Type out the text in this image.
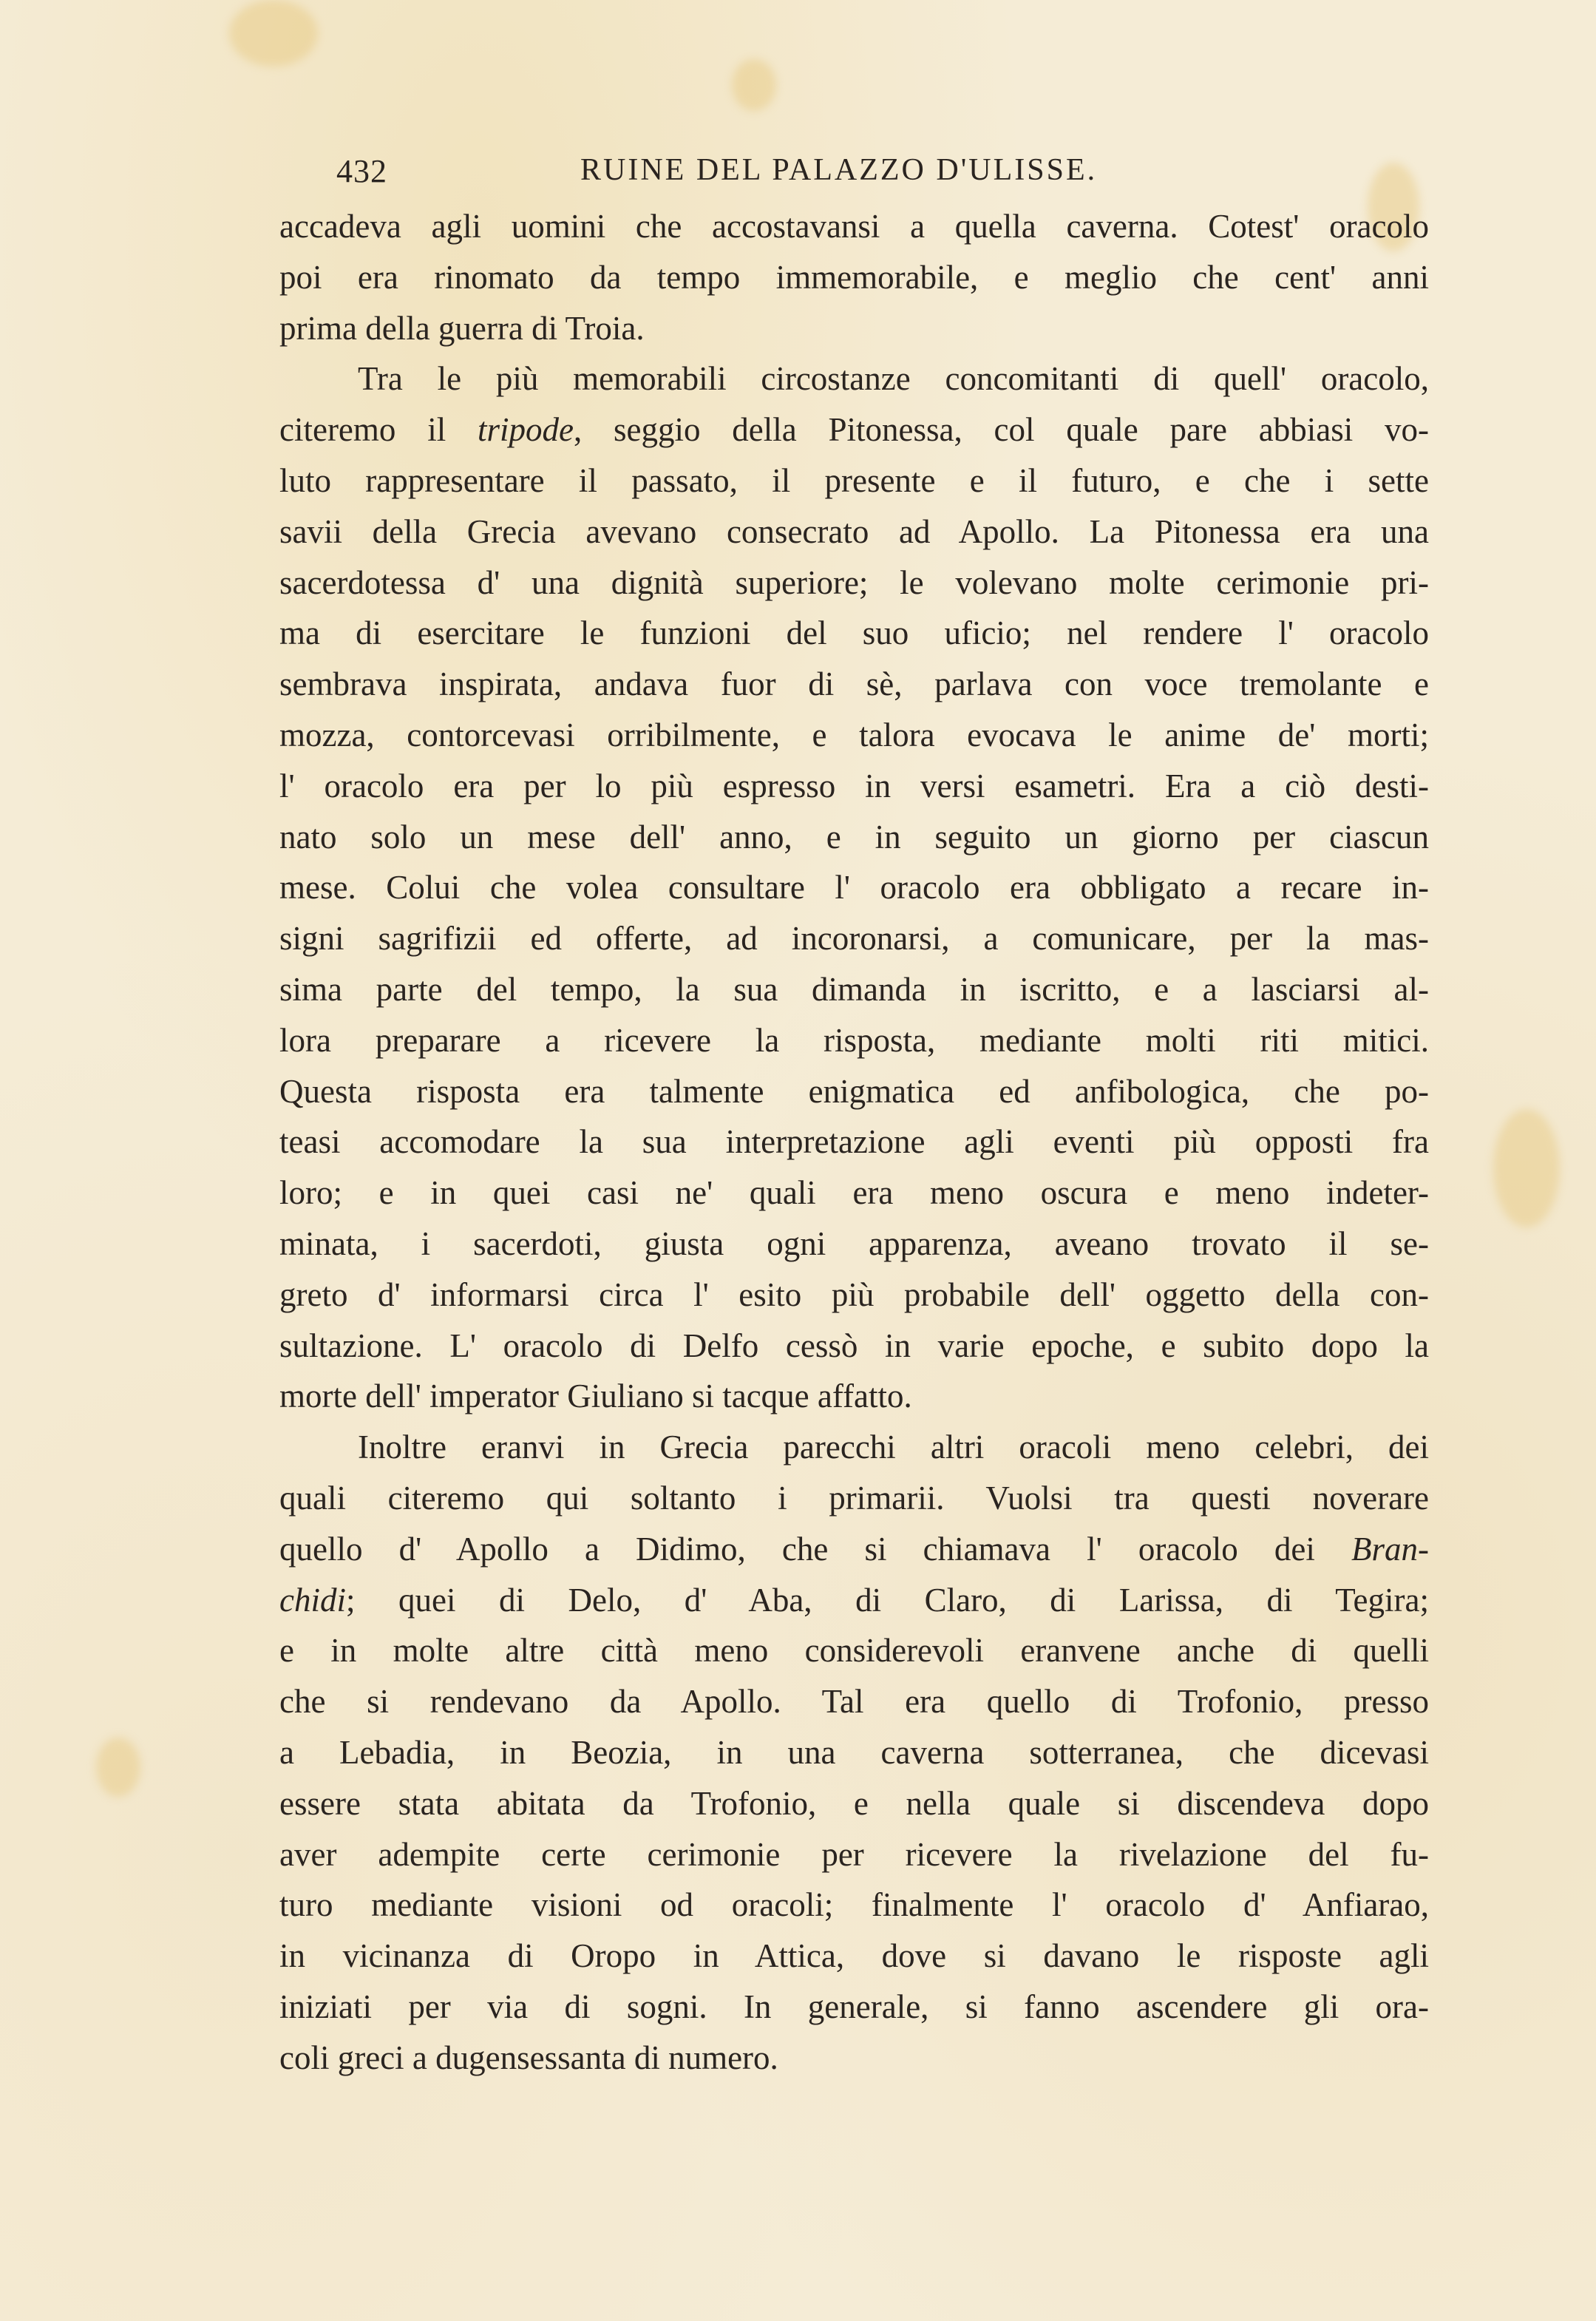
432	RUINE DEL PALAZZO D'ULISSE.
accadeva agli uomini che accostavansi a quella caverna. Cotest' oracolo
poi era rinomato da tempo immemorabile, e meglio che cent' anni
prima della guerra di Troia.
Tra le più memorabili circostanze concomitanti di quell' oracolo,
citeremo il tripode, seggio della Pitonessa, col quale pare abbiasi vo-
luto rappresentare il passato, il presente e il futuro, e che i sette
savii della Grecia avevano consecrato ad Apollo. La Pitonessa era una
sacerdotessa d' una dignità superiore; le volevano molte cerimonie pri-
ma di esercitare le funzioni del suo uficio; nel rendere l' oracolo
sembrava inspirata, andava fuor di sè, parlava con voce tremolante e
mozza, contorcevasi orribilmente, e talora evocava le anime de' morti;
l' oracolo era per lo più espresso in versi esametri. Era a ciò desti-
nato solo un mese dell' anno, e in seguito un giorno per ciascun
mese. Colui che volea consultare l' oracolo era obbligato a recare in-
signi sagrifizii ed offerte, ad incoronarsi, a comunicare, per la mas-
sima parte del tempo, la sua dimanda in iscritto, e a lasciarsi al-
lora preparare a ricevere la risposta, mediante molti riti mitici.
Questa risposta era talmente enigmatica ed anfibologica, che po-
teasi accomodare la sua interpretazione agli eventi più opposti fra
loro; e in quei casi ne' quali era meno oscura e meno indeter-
minata, i sacerdoti, giusta ogni apparenza, aveano trovato il se-
greto d' informarsi circa l' esito più probabile dell' oggetto della con-
sultazione. L' oracolo di Delfo cessò in varie epoche, e subito dopo la
morte dell' imperator Giuliano si tacque affatto.
Inoltre eranvi in Grecia parecchi altri oracoli meno celebri, dei
quali citeremo qui soltanto i primarii. Vuolsi tra questi noverare
quello d' Apollo a Didimo, che si chiamava l' oracolo dei Bran-
chidi; quei di Delo, d' Aba, di Claro, di Larissa, di Tegira;
e in molte altre città meno considerevoli eranvene anche di quelli
che si rendevano da Apollo. Tal era quello di Trofonio, presso
a Lebadia, in Beozia, in una caverna sotterranea, che dicevasi
essere stata abitata da Trofonio, e nella quale si discendeva dopo
aver adempite certe cerimonie per ricevere la rivelazione del fu-
turo mediante visioni od oracoli; finalmente l' oracolo d' Anfiarao,
in vicinanza di Oropo in Attica, dove si davano le risposte agli
iniziati per via di sogni. In generale, si fanno ascendere gli ora-
coli greci a dugensessanta di numero.
